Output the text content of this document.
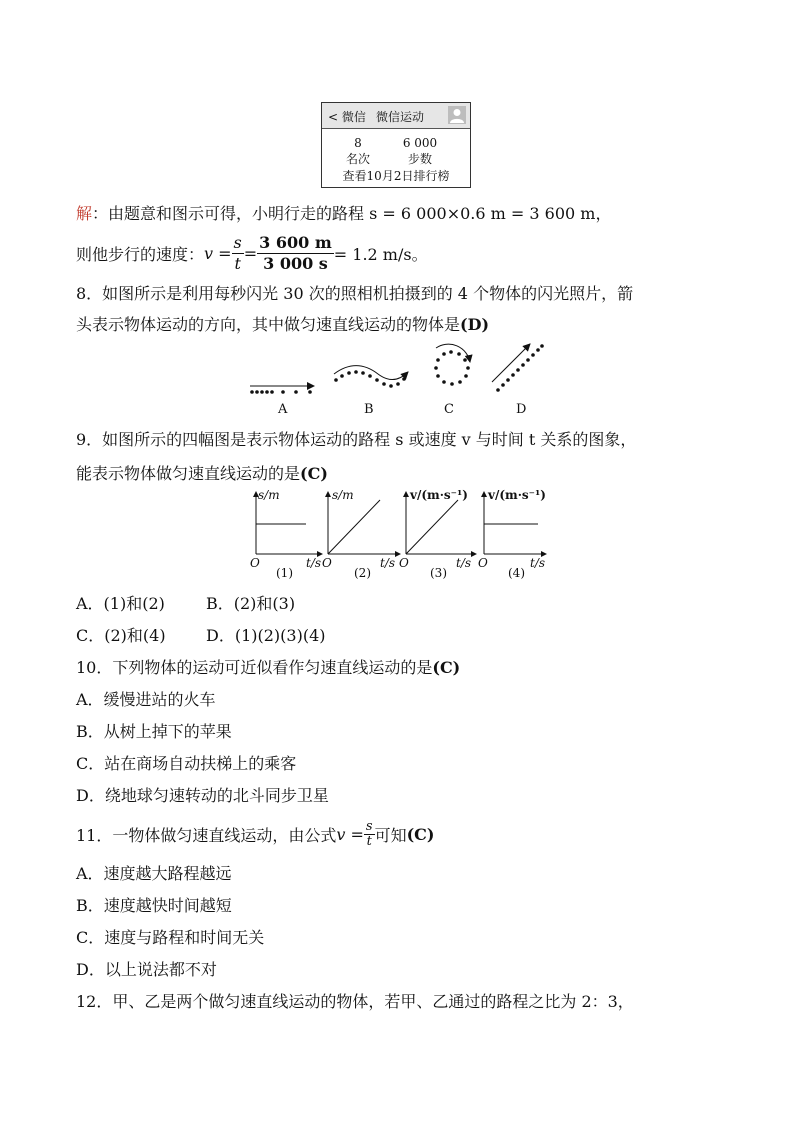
< 微信 微信运动
8
名次
6 000
步数
查看10月2日排行榜
解：由题意和图示可得，小明行走的路程 s = 6 000×0.6 m = 3 600 m，
则他步行的速度： $v = \frac{s}{t} = \frac{3 600 m}{3 000 s} = 1.2$ m/s。
8．如图所示是利用每秒闪光 30 次的照相机拍摄到的 4 个物体的闪光照片，箭
头表示物体运动的方向，其中做匀速直线运动的物体是(D)
A	B	C	D
9．如图所示的四幅图是表示物体运动的路程 s 或速度 v 与时间 t 关系的图象，
能表示物体做匀速直线运动的是(C)
s/m	s/m	v/(m·s⁻¹) v/(m·s⁻¹)
O	O	O	O
t/s	t/s	t/s	t/s
(1)	(2)	(3)	(4)
A．(1)和(2)	B．(2)和(3)
C．(2)和(4)	D．(1)(2)(3)(4)
10．下列物体的运动可近似看作匀速直线运动的是(C)
A．缓慢进站的火车
B．从树上掉下的苹果
C．站在商场自动扶梯上的乘客
D．绕地球匀速转动的北斗同步卫星
11．一物体做匀速直线运动，由公式 $v = \frac{s}{t}$ 可知 (C)
A．速度越大路程越远
B．速度越快时间越短
C．速度与路程和时间无关
D．以上说法都不对
12．甲、乙是两个做匀速直线运动的物体，若甲、乙通过的路程之比为 2：3，
